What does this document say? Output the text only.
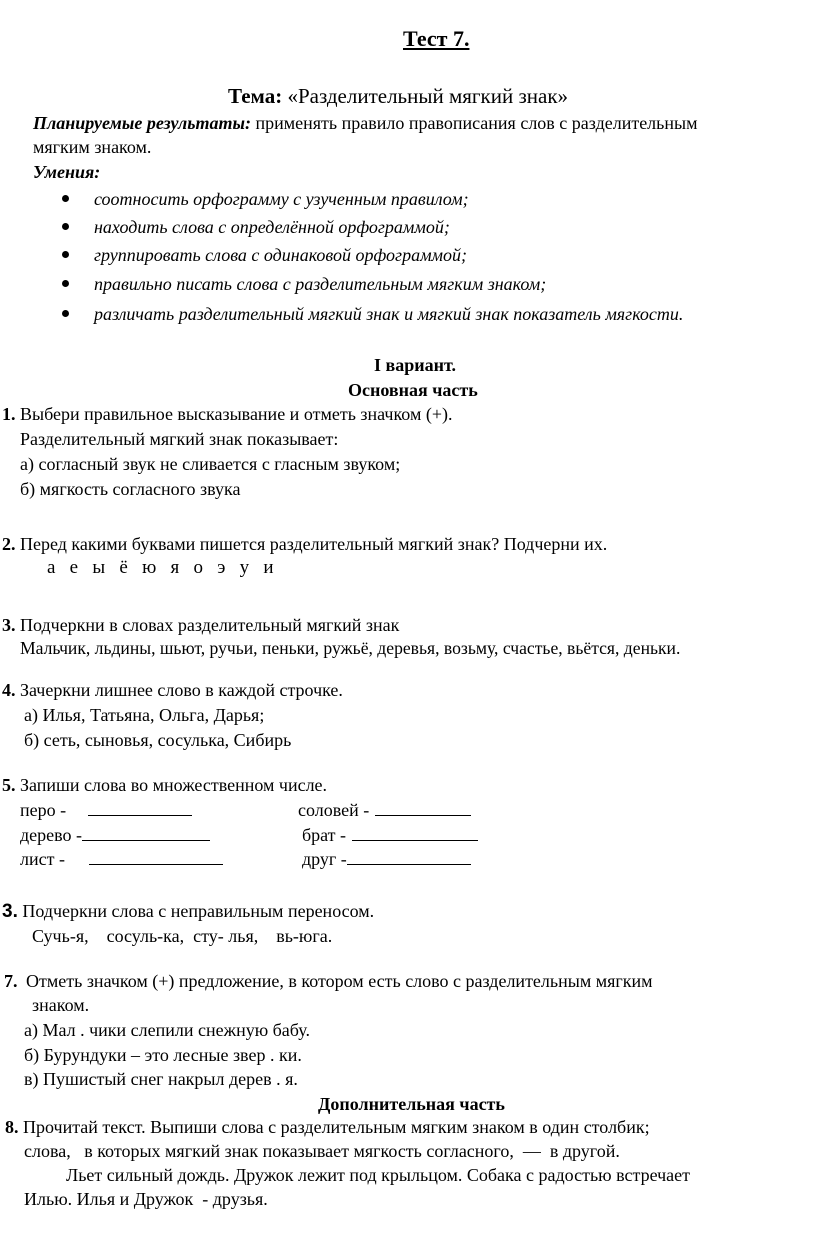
Тест 7.
Тема: «Разделительный мягкий знак»
Планируемые результаты: применять правило правописания слов с разделительным
мягким знаком.
Умения:
соотносить орфограмму с узученным правилом;
находить слова с определённой орфограммой;
группировать слова с одинаковой орфограммой;
правильно писать слова с разделительным мягким знаком;
различать разделительный мягкий знак и мягкий знак показатель мягкости.
I вариант.
Основная часть
1. Выбери правильное высказывание и отметь значком (+).
Разделительный мягкий знак показывает:
а) согласный звук не сливается с гласным звуком;
б) мягкость согласного звука
2. Перед какими буквами пишется разделительный мягкий знак? Подчерни их.
а   е   ы   ё   ю   я   о   э   у   и
3. Подчеркни в словах разделительный мягкий знак
Мальчик, льдины, шьют, ручьи, пеньки, ружьё, деревья, возьму, счастье, вьётся, деньки.
4. Зачеркни лишнее слово в каждой строчке.
а) Илья, Татьяна, Ольга, Дарья;
б) сеть, сыновья, сосулька, Сибирь
5. Запиши слова во множественном числе.
перо -	соловей -
дерево -	брат -
лист -	друг -
3. Подчеркни слова с неправильным переносом.
Сучь-я,    сосуль-ка,  сту- лья,    вь-юга.
7. Отметь значком (+) предложение, в котором есть слово с разделительным мягким
знаком.
а) Мал . чики слепили снежную бабу.
б) Бурундуки – это лесные звер . ки.
в) Пушистый снег накрыл дерев . я.
Дополнительная часть
8. Прочитай текст. Выпиши слова с разделительным мягким знаком в один столбик;
слова,   в которых мягкий знак показывает мягкость согласного,  —  в другой.
Льет сильный дождь. Дружок лежит под крыльцом. Собака с радостью встречает
Илью. Илья и Дружок  - друзья.
